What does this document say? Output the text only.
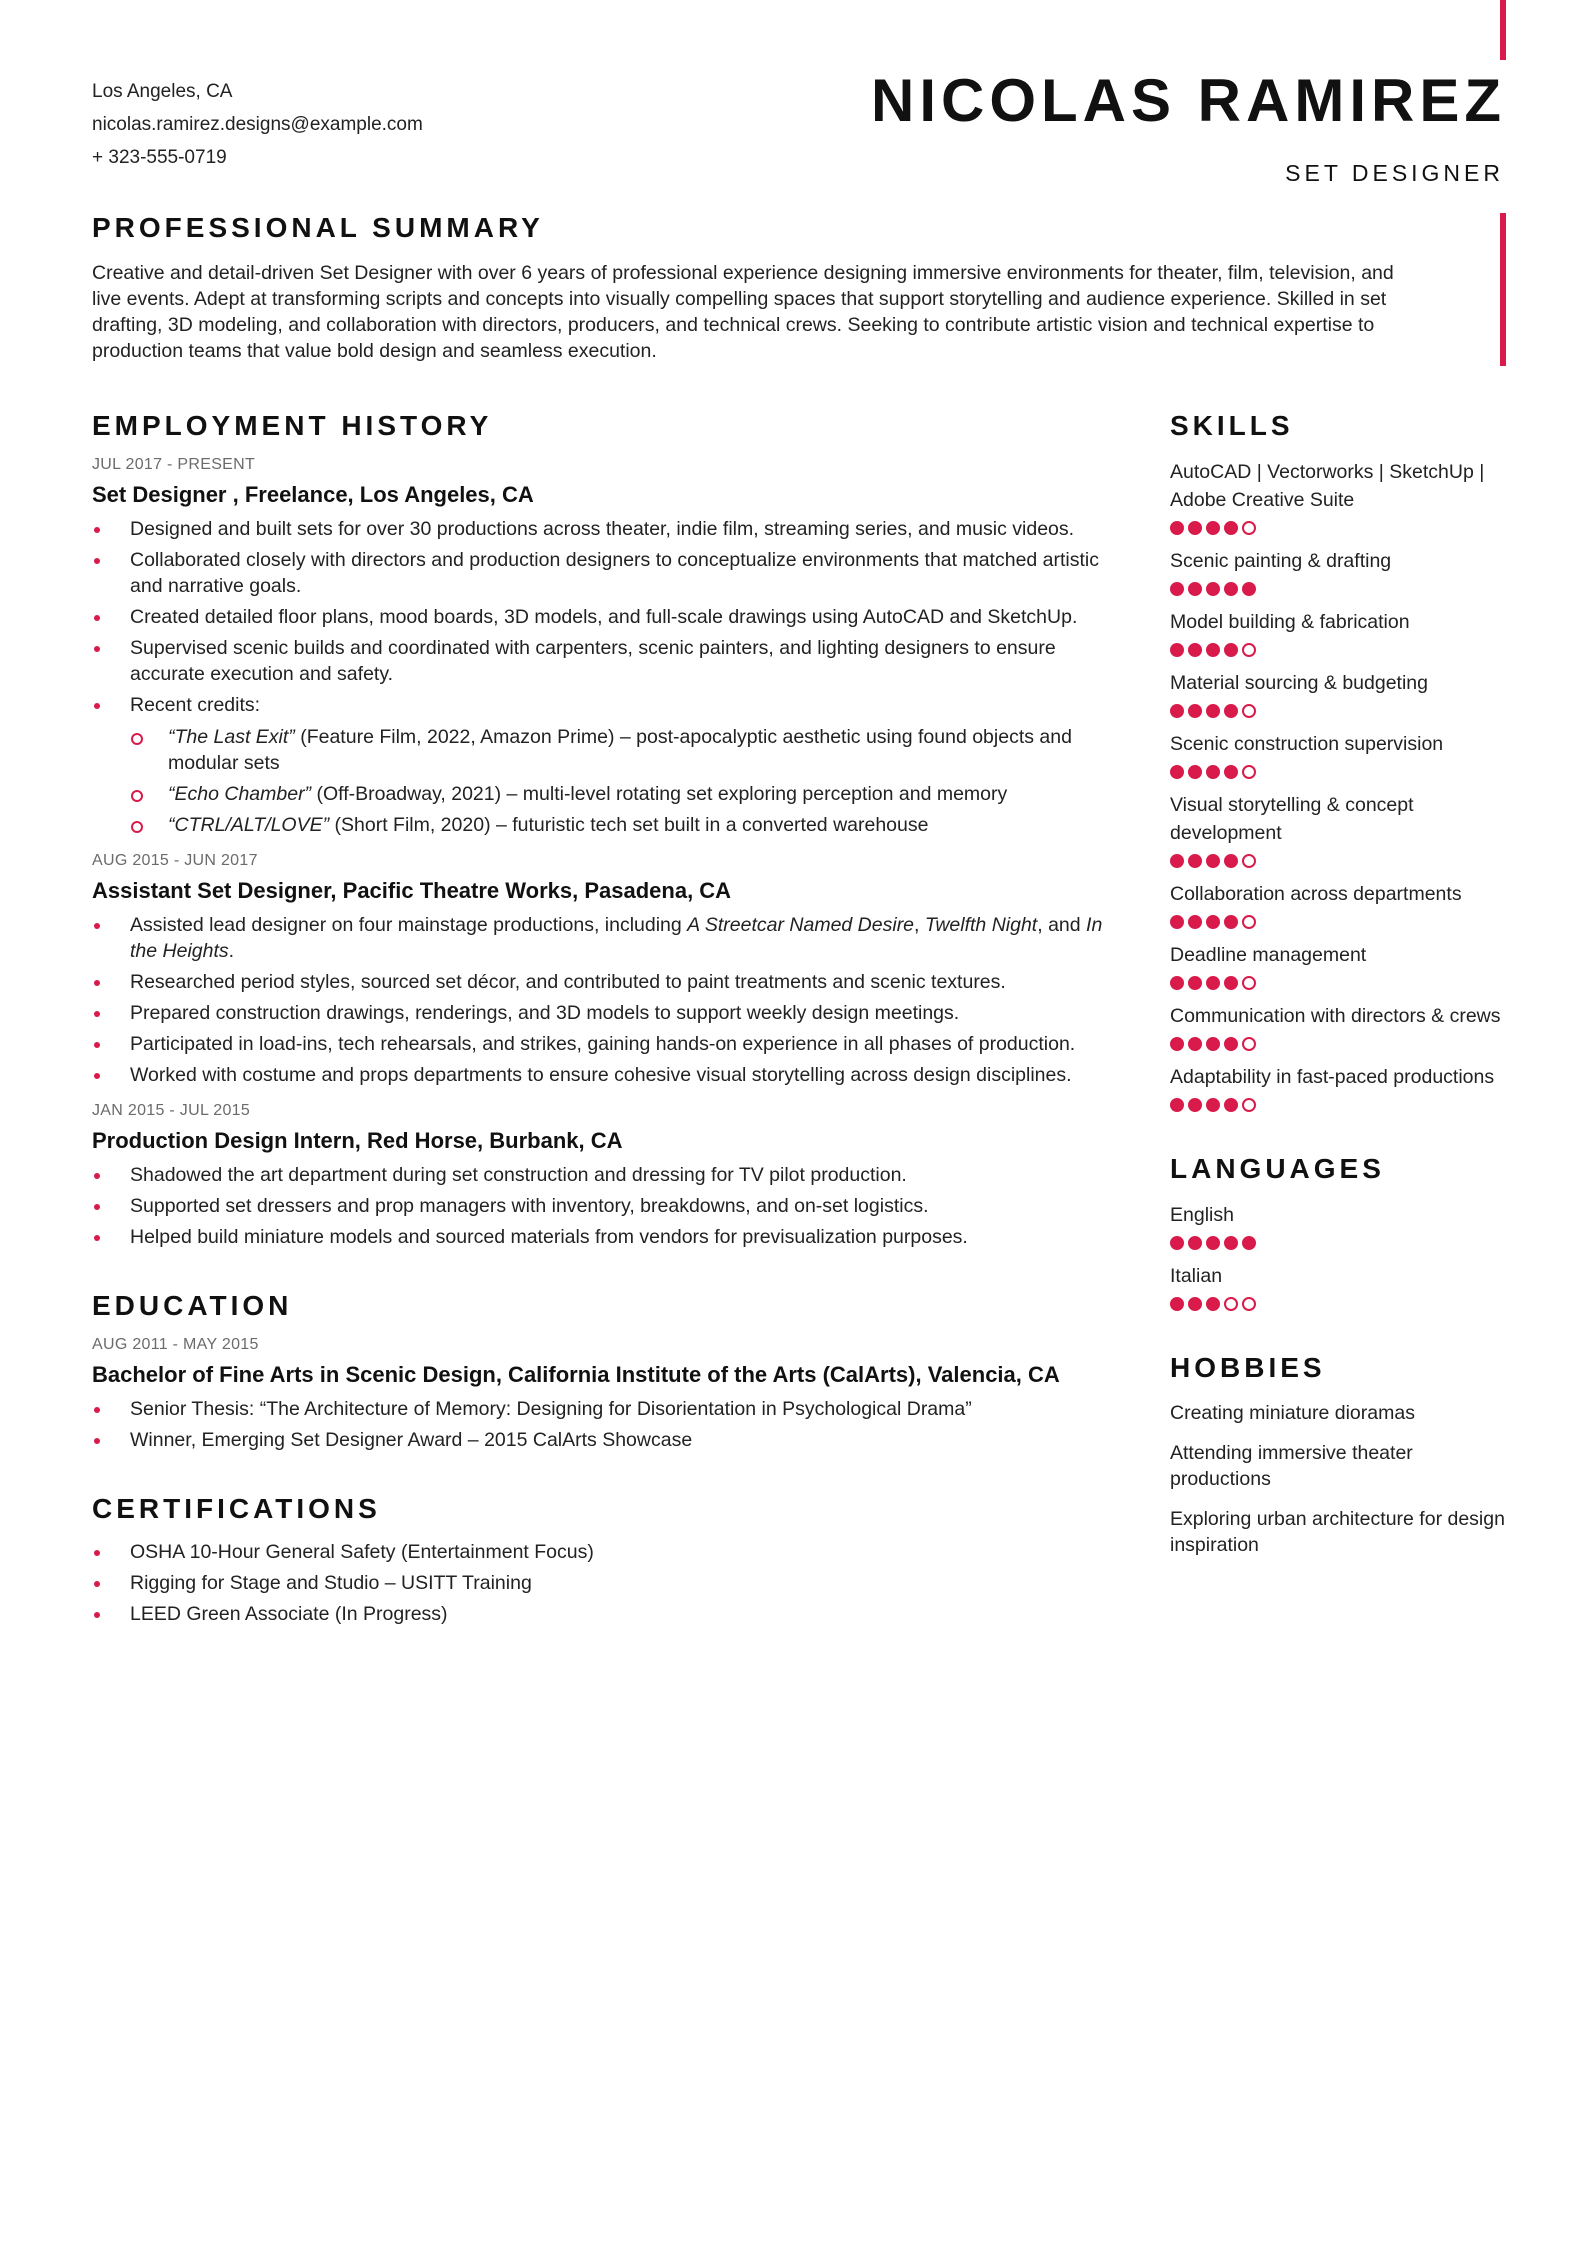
Los Angeles, CA
nicolas.ramirez.designs@example.com
+ 323-555-0719
NICOLAS RAMIREZ
SET DESIGNER
PROFESSIONAL SUMMARY

Creative and detail-driven Set Designer with over 6 years of professional experience designing immersive environments for theater, film, television, and live events. Adept at transforming scripts and concepts into visually compelling spaces that support storytelling and audience experience. Skilled in set drafting, 3D modeling, and collaboration with directors, producers, and technical crews. Seeking to contribute artistic vision and technical expertise to production teams that value bold design and seamless execution.

EMPLOYMENT HISTORY
JUL 2017 - PRESENT
Set Designer , Freelance, Los Angeles, CA
Designed and built sets for over 30 productions across theater, indie film, streaming series, and music videos.
Collaborated closely with directors and production designers to conceptualize environments that matched artistic and narrative goals.
Created detailed floor plans, mood boards, 3D models, and full-scale drawings using AutoCAD and SketchUp.
Supervised scenic builds and coordinated with carpenters, scenic painters, and lighting designers to ensure accurate execution and safety.
Recent credits:
“The Last Exit” (Feature Film, 2022, Amazon Prime) – post-apocalyptic aesthetic using found objects and modular sets
“Echo Chamber” (Off-Broadway, 2021) – multi-level rotating set exploring perception and memory
“CTRL/ALT/LOVE” (Short Film, 2020) – futuristic tech set built in a converted warehouse
AUG 2015 - JUN 2017
Assistant Set Designer, Pacific Theatre Works, Pasadena, CA
Assisted lead designer on four mainstage productions, including A Streetcar Named Desire, Twelfth Night, and In the Heights.
Researched period styles, sourced set décor, and contributed to paint treatments and scenic textures.
Prepared construction drawings, renderings, and 3D models to support weekly design meetings.
Participated in load-ins, tech rehearsals, and strikes, gaining hands-on experience in all phases of production.
Worked with costume and props departments to ensure cohesive visual storytelling across design disciplines.
JAN 2015 - JUL 2015
Production Design Intern, Red Horse, Burbank, CA
Shadowed the art department during set construction and dressing for TV pilot production.
Supported set dressers and prop managers with inventory, breakdowns, and on-set logistics.
Helped build miniature models and sourced materials from vendors for previsualization purposes.
EDUCATION
AUG 2011 - MAY 2015
Bachelor of Fine Arts in Scenic Design, California Institute of the Arts (CalArts), Valencia, CA
Senior Thesis: “The Architecture of Memory: Designing for Disorientation in Psychological Drama”
Winner, Emerging Set Designer Award – 2015 CalArts Showcase
CERTIFICATIONS
OSHA 10-Hour General Safety (Entertainment Focus)
Rigging for Stage and Studio – USITT Training
LEED Green Associate (In Progress)
SKILLS
AutoCAD | Vectorworks | SketchUp | Adobe Creative Suite
Scenic painting & drafting
Model building & fabrication
Material sourcing & budgeting
Scenic construction supervision
Visual storytelling & concept development
Collaboration across departments
Deadline management
Communication with directors & crews
Adaptability in fast-paced productions
LANGUAGES
English
Italian
HOBBIES
Creating miniature dioramas
Attending immersive theater productions
Exploring urban architecture for design inspiration
